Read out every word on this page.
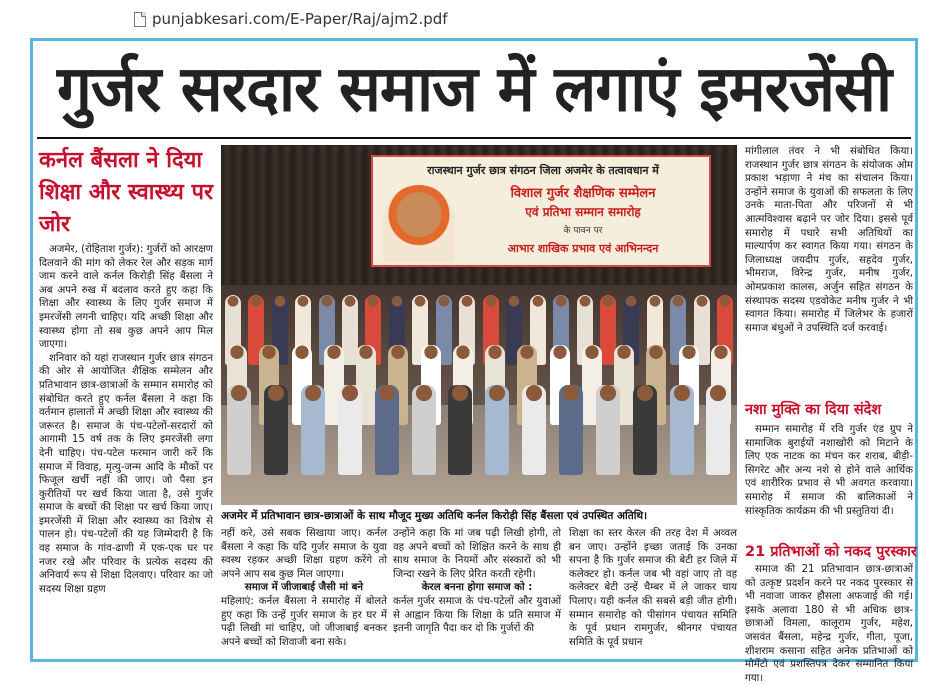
punjabkesari.com/E-Paper/Raj/ajm2.pdf
गुर्जर सरदार समाज में लगाएं इमरजेंसी
कर्नल बैंसला ने दिया शिक्षा और स्वास्थ्य पर जोर

अजमेर, (रोहिताश गुर्जर): गुर्जरों को आरक्षण दिलवाने की मांग को लेकर रेल और सड़क मार्ग जाम करने वाले कर्नल किरोड़ी सिंह बैंसला ने अब अपने रुख में बदलाव करते हुए कहा कि शिक्षा और स्वास्थ्य के लिए गुर्जर समाज में इमरजेंसी लगनी चाहिए। यदि अच्छी शिक्षा और स्वास्थ्य होगा तो सब कुछ अपने आप मिल जाएगा।

शनिवार को यहां राजस्थान गुर्जर छात्र संगठन की ओर से आयोजित शैक्षिक सम्मेलन और प्रतिभावान छात्र-छात्राओं के सम्मान समारोह को संबोधित करते हुए कर्नल बैंसला ने कहा कि वर्तमान हालातों में अच्छी शिक्षा और स्वास्थ्य की जरूरत है। समाज के पंच-पटेलों-सरदारों को आगामी 15 वर्ष तक के लिए इमरजेंसी लगा देनी चाहिए। पंच-पटेल फरमान जारी करें कि समाज में विवाह, मृत्यु-जन्म आदि के मौकों पर फिजूल खर्ची नहीं की जाए। जो पैसा इन कुरीतियों पर खर्च किया जाता है, उसे गुर्जर समाज के बच्चों की शिक्षा पर खर्च किया जाए। इमरजेंसी में शिक्षा और स्वास्थ्य का विशेष से पालन हो। पंच-पटेलों की यह जिम्मेदारी है कि वह समाज के गांव-ढाणी में एक-एक घर पर नजर रखे और परिवार के प्रत्येक सदस्य की अनिवार्य रूप से शिक्षा दिलवाए। परिवार का जो सदस्य शिक्षा ग्रहण

राजस्थान गुर्जर छात्र संगठन जिला अजमेर के तत्वावधान में
विशाल गुर्जर शैक्षणिक सम्मेलन
एवं प्रतिभा सम्मान समारोह
के पावन पर
आभार शाखिक प्रभाव एवं आभिनन्दन
अजमेर में प्रतिभावान छात्र-छात्राओं के साथ मौजूद मुख्य अतिथि कर्नल किरोड़ी सिंह बैंसला एवं उपस्थित अतिथि।

नहीं करे, उसे सबक सिखाया जाए। कर्नल बैंसला ने कहा कि यदि गुर्जर समाज के युवा स्वस्थ रहकर अच्छी शिक्षा ग्रहण करेंगे तो अपने आप सब कुछ मिल जाएगा।

समाज में जीजाबाई जैसी मां बने

महिलाएं: कर्नल बैंसला ने समारोह में बोलते हुए कहा कि उन्हें गुर्जर समाज के हर घर में पढ़ी लिखी मां चाहिए, जो जीजाबाई बनकर अपने बच्चों को शिवाजी बना सके।

उन्होंने कहा कि मां जब पढ़ी लिखी होगी, तो वह अपने बच्चों को शिक्षित करने के साथ ही साथ समाज के नियमों और संस्कारों को भी जिन्दा रखने के लिए प्रेरित करती रहेगी।

केरल बनना होगा समाज को :

कर्नल गुर्जर समाज के पंच-पटेलों और युवाओं से आह्वान किया कि शिक्षा के प्रति समाज में इतनी जागृति पैदा कर दो कि गुर्जरों की

शिक्षा का स्तर केरल की तरह देश में अव्वल बन जाए। उन्होंने इच्छा जताई कि उनका सपना है कि गुर्जर समाज की बेटी हर जिले में कलेक्टर हो। कर्नल जब भी वहां जाए तो वह कलेक्टर बेटी उन्हें चैम्बर में ले जाकर चाय पिलाए। यही कर्नल की सबसे बड़ी जीत होगी। सम्मान समारोह को पीसांगन पंचायत समिति के पूर्व प्रधान रामगुर्जर, श्रीनगर पंचायत समिति के पूर्व प्रधान

मांगीलाल तंवर ने भी संबोधित किया। राजस्थान गुर्जर छात्र संगठन के संयोजक ओम प्रकाश भड़ाणा ने मंच का संचालन किया। उन्होंने समाज के युवाओं की सफलता के लिए उनके माता-पिता और परिजनों से भी आत्मविश्वास बढ़ाने पर जोर दिया। इससे पूर्व समारोह में पधारे सभी अतिथियों का माल्यार्पण कर स्वागत किया गया। संगठन के जिलाध्यक्ष जयदीप गुर्जर, सहदेव गुर्जर, भीमराज, विरेन्द्र गुर्जर, मनीष गुर्जर, ओमप्रकाश कालस, अर्जुन सहित संगठन के संस्थापक सदस्य एडवोकेट मनीष गुर्जर ने भी स्वागत किया। समारोह में जिलेभर के हजारों समाज बंधुओं ने उपस्थिति दर्ज करवाई।

नशा मुक्ति का दिया संदेश

सम्मान समारोह में रवि गुर्जर एंड ग्रुप ने सामाजिक बुराईयों नशाखोरी को मिटाने के लिए एक नाटक का मंचन कर शराब, बीड़ी-सिगरेट और अन्य नशे से होने वाले आर्थिक एवं शारीरिक प्रभाव से भी अवगत करवाया। समारोह में समाज की बालिकाओं ने सांस्कृतिक कार्यक्रम की भी प्रस्तुतियां दी।

21 प्रतिभाओं को नकद पुरस्कार

समाज की 21 प्रतिभावान छात्र-छात्राओं को उत्कृष्ट प्रदर्शन करने पर नकद पुरस्कार से भी नवाजा जाकर हौसला अफजाई की गई। इसके अलावा 180 से भी अधिक छात्र-छात्राओं विमला, कालूराम गुर्जर, महेश, जसवंत बैंसला, महेन्द्र गुर्जर, गीता, पूजा, शीशराम कसाना सहित अनेक प्रतिभाओं को मोमेंटो एवं प्रशस्तिपत्र देकर सम्मानित किया गया।
